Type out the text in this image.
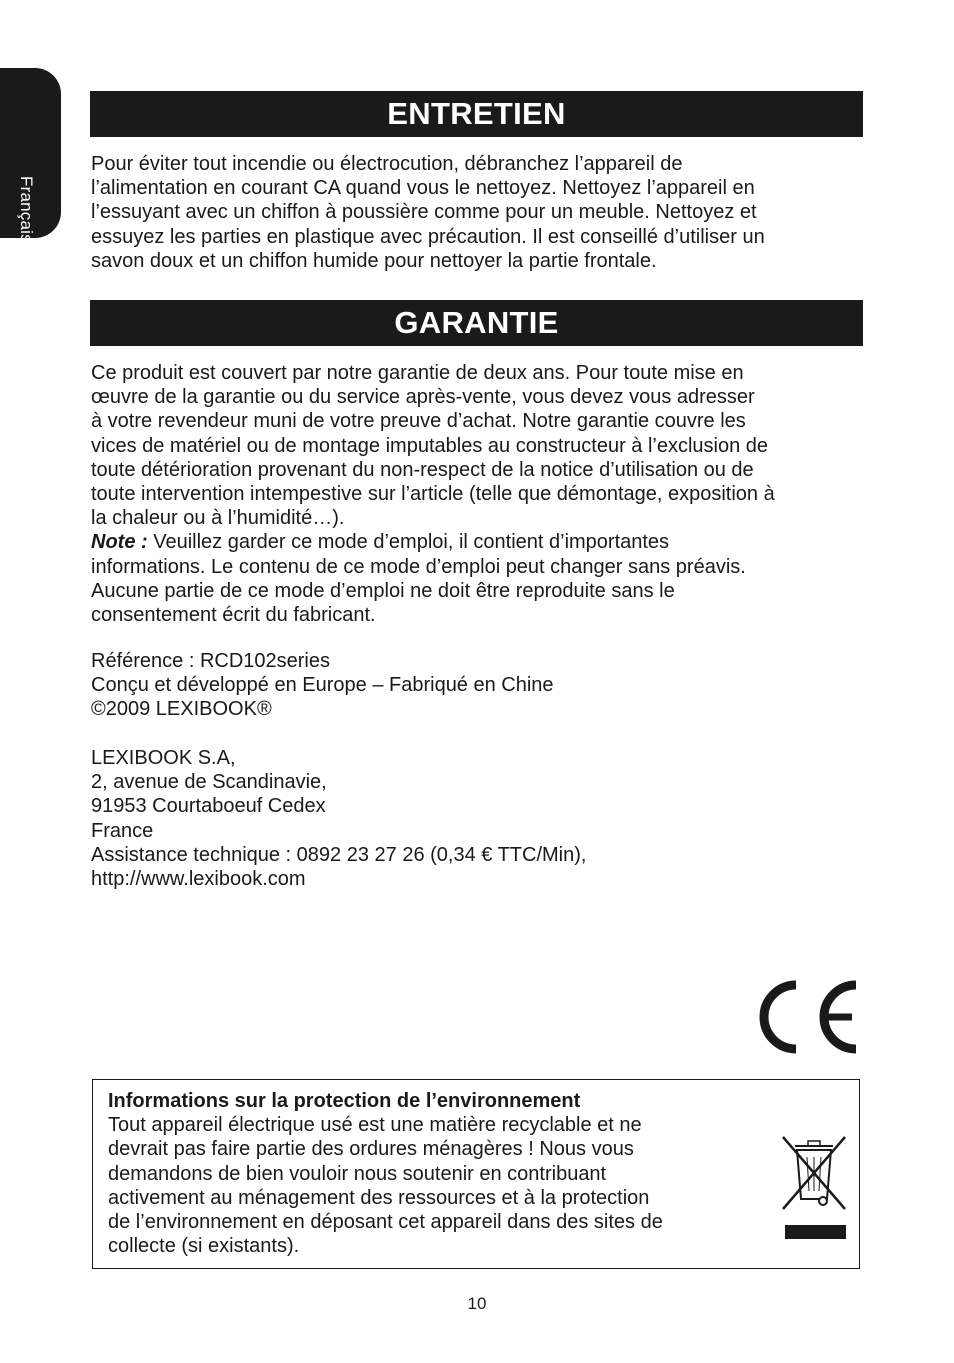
Français
ENTRETIEN

Pour éviter tout incendie ou électrocution, débranchez l’appareil de
l’alimentation en courant CA quand vous le nettoyez. Nettoyez l’appareil en
l’essuyant avec un chiffon à poussière comme pour un meuble. Nettoyez et
essuyez les parties en plastique avec précaution. Il est conseillé d’utiliser un
savon doux et un chiffon humide pour nettoyer la partie frontale.

GARANTIE

Ce produit est couvert par notre garantie de deux ans. Pour toute mise en
œuvre de la garantie ou du service après-vente, vous devez vous adresser
à votre revendeur muni de votre preuve d’achat. Notre garantie couvre les
vices de matériel ou de montage imputables au constructeur à l’exclusion de
toute détérioration provenant du non-respect de la notice d’utilisation ou de
toute intervention intempestive sur l’article (telle que démontage, exposition à
la chaleur ou à l’humidité…).
Note : Veuillez garder ce mode d’emploi, il contient d’importantes
informations. Le contenu de ce mode d’emploi peut changer sans préavis.
Aucune partie de ce mode d’emploi ne doit être reproduite sans le
consentement écrit du fabricant.

Référence : RCD102series
Conçu et développé en Europe – Fabriqué en Chine
©2009 LEXIBOOK®

LEXIBOOK S.A,
2, avenue de Scandinavie,
91953 Courtaboeuf Cedex
France
Assistance technique : 0892 23 27 26 (0,34 € TTC/Min),
http://www.lexibook.com

Informations sur la protection de l’environnement
Tout appareil électrique usé est une matière recyclable et ne
devrait pas faire partie des ordures ménagères ! Nous vous
demandons de bien vouloir nous soutenir en contribuant
activement au ménagement des ressources et à la protection
de l’environnement en déposant cet appareil dans des sites de
collecte (si existants).
10
